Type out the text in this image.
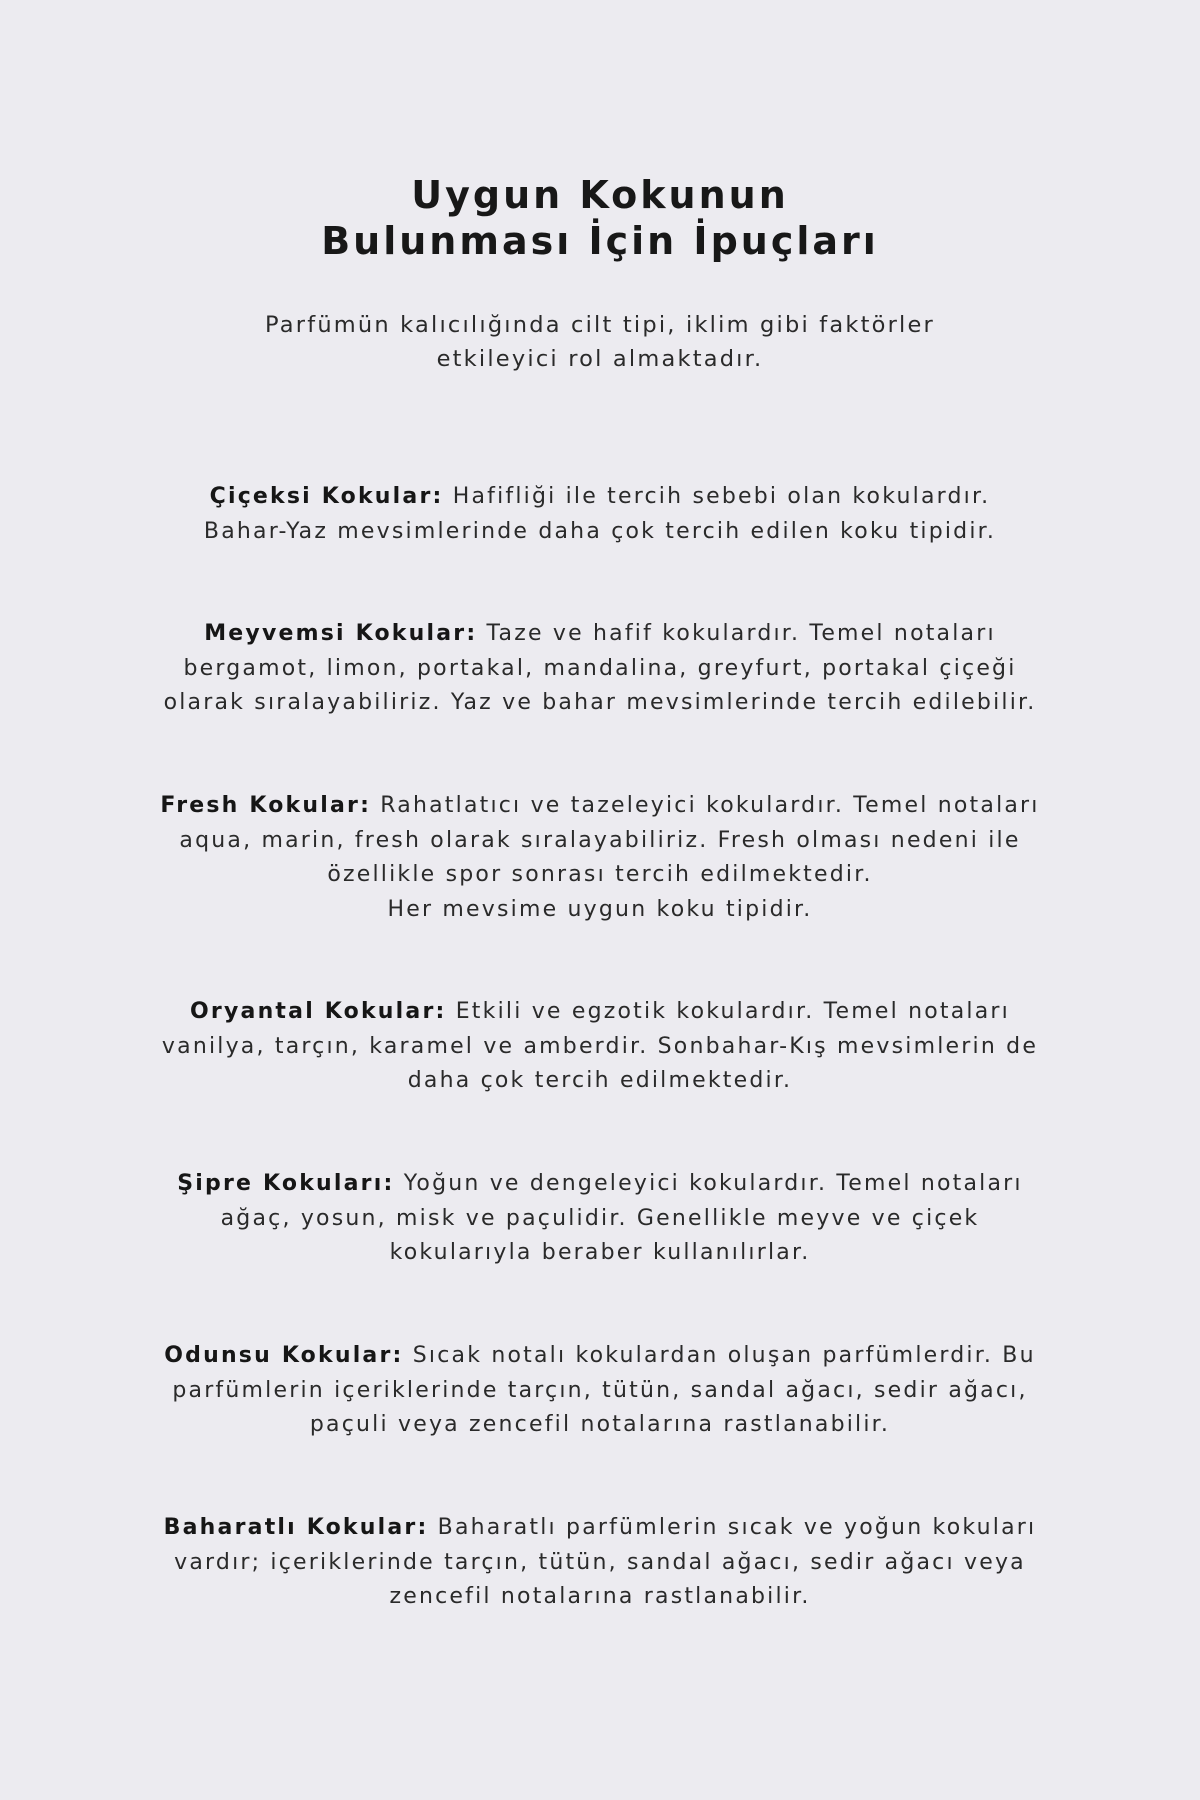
Uygun Kokunun
Bulunması İçin İpuçları

Parfümün kalıcılığında cilt tipi, iklim gibi faktörler
etkileyici rol almaktadır.

Çiçeksi Kokular: Hafifliği ile tercih sebebi olan kokulardır.
Bahar-Yaz mevsimlerinde daha çok tercih edilen koku tipidir.

Meyvemsi Kokular: Taze ve hafif kokulardır. Temel notaları
bergamot, limon, portakal, mandalina, greyfurt, portakal çiçeği
olarak sıralayabiliriz. Yaz ve bahar mevsimlerinde tercih edilebilir.

Fresh Kokular: Rahatlatıcı ve tazeleyici kokulardır. Temel notaları
aqua, marin, fresh olarak sıralayabiliriz. Fresh olması nedeni ile
özellikle spor sonrası tercih edilmektedir.
Her mevsime uygun koku tipidir.

Oryantal Kokular: Etkili ve egzotik kokulardır. Temel notaları
vanilya, tarçın, karamel ve amberdir. Sonbahar-Kış mevsimlerin de
daha çok tercih edilmektedir.

Şipre Kokuları: Yoğun ve dengeleyici kokulardır. Temel notaları
ağaç, yosun, misk ve paçulidir. Genellikle meyve ve çiçek
kokularıyla beraber kullanılırlar.

Odunsu Kokular: Sıcak notalı kokulardan oluşan parfümlerdir. Bu
parfümlerin içeriklerinde tarçın, tütün, sandal ağacı, sedir ağacı,
paçuli veya zencefil notalarına rastlanabilir.

Baharatlı Kokular: Baharatlı parfümlerin sıcak ve yoğun kokuları
vardır; içeriklerinde tarçın, tütün, sandal ağacı, sedir ağacı veya
zencefil notalarına rastlanabilir.
